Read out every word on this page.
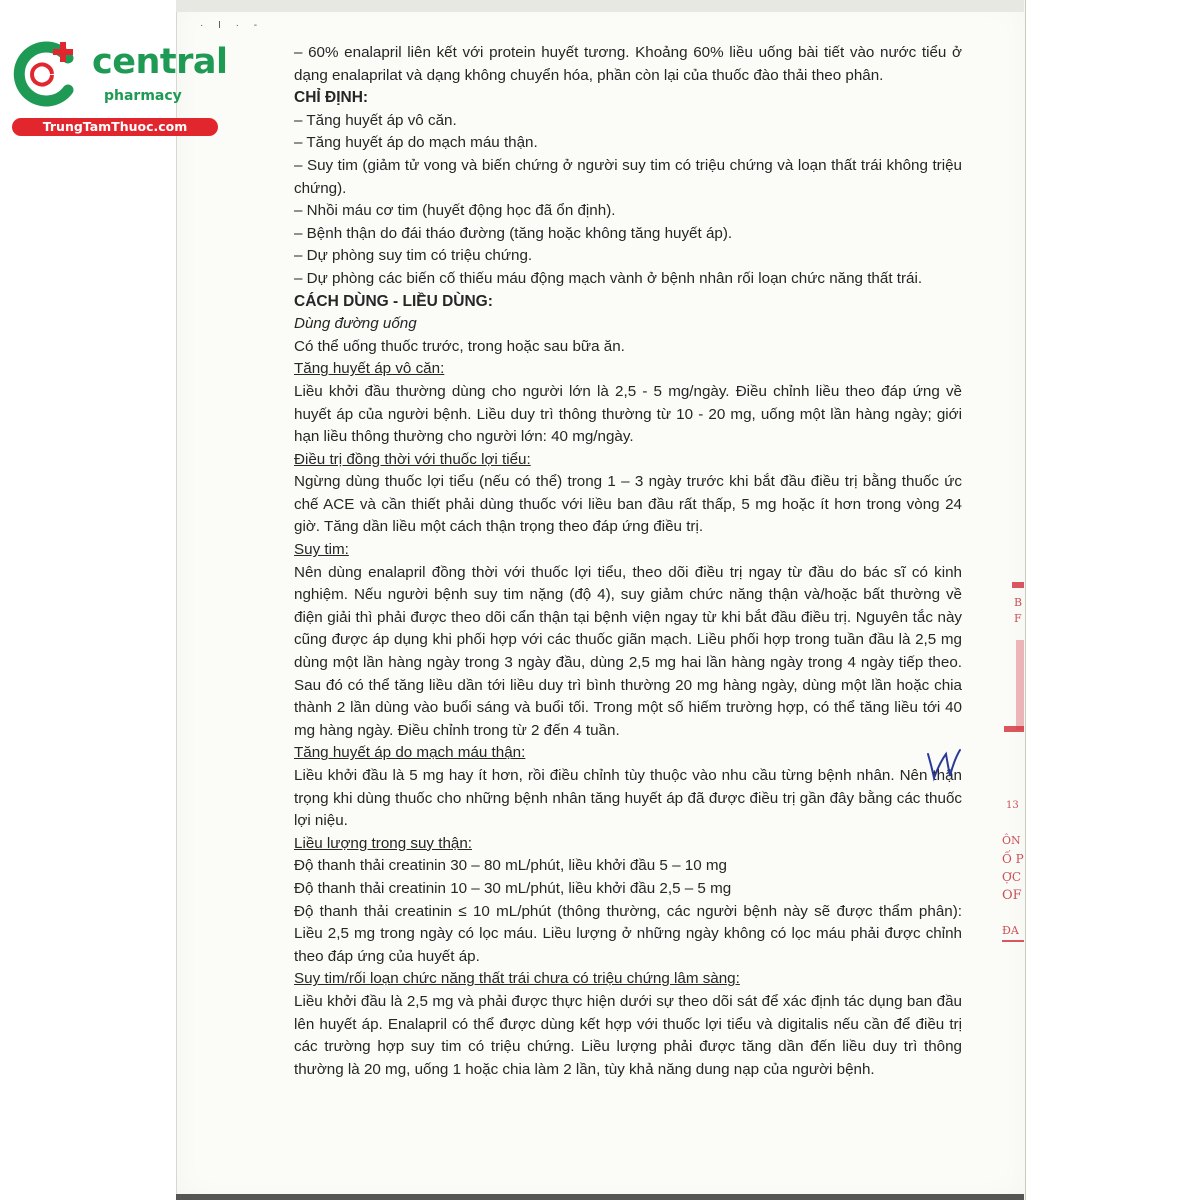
· I · -
central
pharmacy
TrungTamThuoc.com

– 60% enalapril liên kết với protein huyết tương. Khoảng 60% liều uống bài tiết vào nước tiểu ở dạng enalaprilat và dạng không chuyển hóa, phần còn lại của thuốc đào thải theo phân.

CHỈ ĐỊNH:

– Tăng huyết áp vô căn.

– Tăng huyết áp do mạch máu thận.

– Suy tim (giảm tử vong và biến chứng ở người suy tim có triệu chứng và loạn thất trái không triệu chứng).

– Nhồi máu cơ tim (huyết động học đã ổn định).

– Bệnh thận do đái tháo đường (tăng hoặc không tăng huyết áp).

– Dự phòng suy tim có triệu chứng.

– Dự phòng các biến cố thiếu máu động mạch vành ở bệnh nhân rối loạn chức năng thất trái.

CÁCH DÙNG - LIỀU DÙNG:

Dùng đường uống

Có thể uống thuốc trước, trong hoặc sau bữa ăn.

Tăng huyết áp vô căn:

Liều khởi đầu thường dùng cho người lớn là 2,5 - 5 mg/ngày. Điều chỉnh liều theo đáp ứng về huyết áp của người bệnh. Liều duy trì thông thường từ 10 - 20 mg, uống một lần hàng ngày; giới hạn liều thông thường cho người lớn: 40 mg/ngày.

Điều trị đồng thời với thuốc lợi tiểu:

Ngừng dùng thuốc lợi tiểu (nếu có thể) trong 1 – 3 ngày trước khi bắt đầu điều trị bằng thuốc ức chế ACE và cần thiết phải dùng thuốc với liều ban đầu rất thấp, 5 mg hoặc ít hơn trong vòng 24 giờ. Tăng dần liều một cách thận trọng theo đáp ứng điều trị.

Suy tim:

Nên dùng enalapril đồng thời với thuốc lợi tiểu, theo dõi điều trị ngay từ đầu do bác sĩ có kinh nghiệm. Nếu người bệnh suy tim nặng (độ 4), suy giảm chức năng thận và/hoặc bất thường về điện giải thì phải được theo dõi cẩn thận tại bệnh viện ngay từ khi bắt đầu điều trị. Nguyên tắc này cũng được áp dụng khi phối hợp với các thuốc giãn mạch. Liều phối hợp trong tuần đầu là 2,5 mg dùng một lần hàng ngày trong 3 ngày đầu, dùng 2,5 mg hai lần hàng ngày trong 4 ngày tiếp theo. Sau đó có thể tăng liều dần tới liều duy trì bình thường 20 mg hàng ngày, dùng một lần hoặc chia thành 2 lần dùng vào buổi sáng và buổi tối. Trong một số hiếm trường hợp, có thể tăng liều tới 40 mg hàng ngày. Điều chỉnh trong từ 2 đến 4 tuần.

Tăng huyết áp do mạch máu thận:

Liều khởi đầu là 5 mg hay ít hơn, rồi điều chỉnh tùy thuộc vào nhu cầu từng bệnh nhân. Nên thận trọng khi dùng thuốc cho những bệnh nhân tăng huyết áp đã được điều trị gần đây bằng các thuốc lợi niệu.

Liều lượng trong suy thận:

Độ thanh thải creatinin 30 – 80 mL/phút, liều khởi đầu 5 – 10 mg

Độ thanh thải creatinin 10 – 30 mL/phút, liều khởi đầu 2,5 – 5 mg

Độ thanh thải creatinin ≤ 10 mL/phút (thông thường, các người bệnh này sẽ được thẩm phân): Liều 2,5 mg trong ngày có lọc máu. Liều lượng ở những ngày không có lọc máu phải được chỉnh theo đáp ứng của huyết áp.

Suy tim/rối loạn chức năng thất trái chưa có triệu chứng lâm sàng:

Liều khởi đầu là 2,5 mg và phải được thực hiện dưới sự theo dõi sát để xác định tác dụng ban đầu lên huyết áp. Enalapril có thể được dùng kết hợp với thuốc lợi tiểu và digitalis nếu cần để điều trị các trường hợp suy tim có triệu chứng. Liều lượng phải được tăng dần đến liều duy trì thông thường là 20 mg, uống 1 hoặc chia làm 2 lần, tùy khả năng dung nạp của người bệnh.

B
F
13
ÔN
Ố P
ỢC
OF
ĐA
